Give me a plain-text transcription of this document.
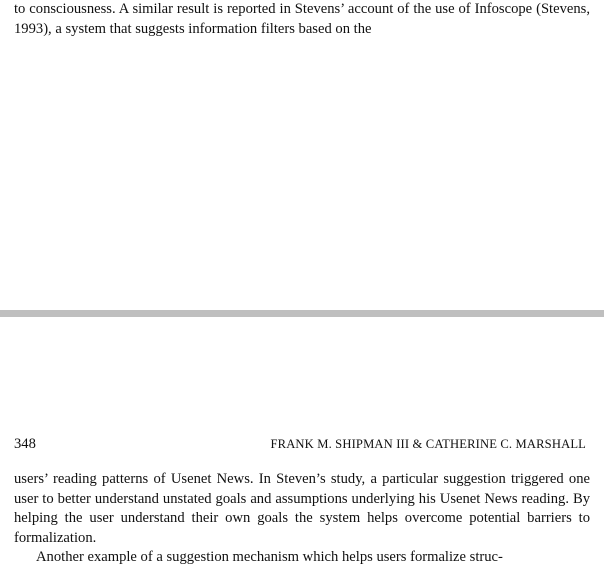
to consciousness. A similar result is reported in Stevens’ account of the use of Infoscope (Stevens, 1993), a system that suggests information filters based on the

348	FRANK M. SHIPMAN III & CATHERINE C. MARSHALL

users’ reading patterns of Usenet News. In Steven’s study, a particular suggestion triggered one user to better understand unstated goals and assumptions underlying his Usenet News reading. By helping the user understand their own goals the system helps overcome potential barriers to formalization.

Another example of a suggestion mechanism which helps users formalize struc-
